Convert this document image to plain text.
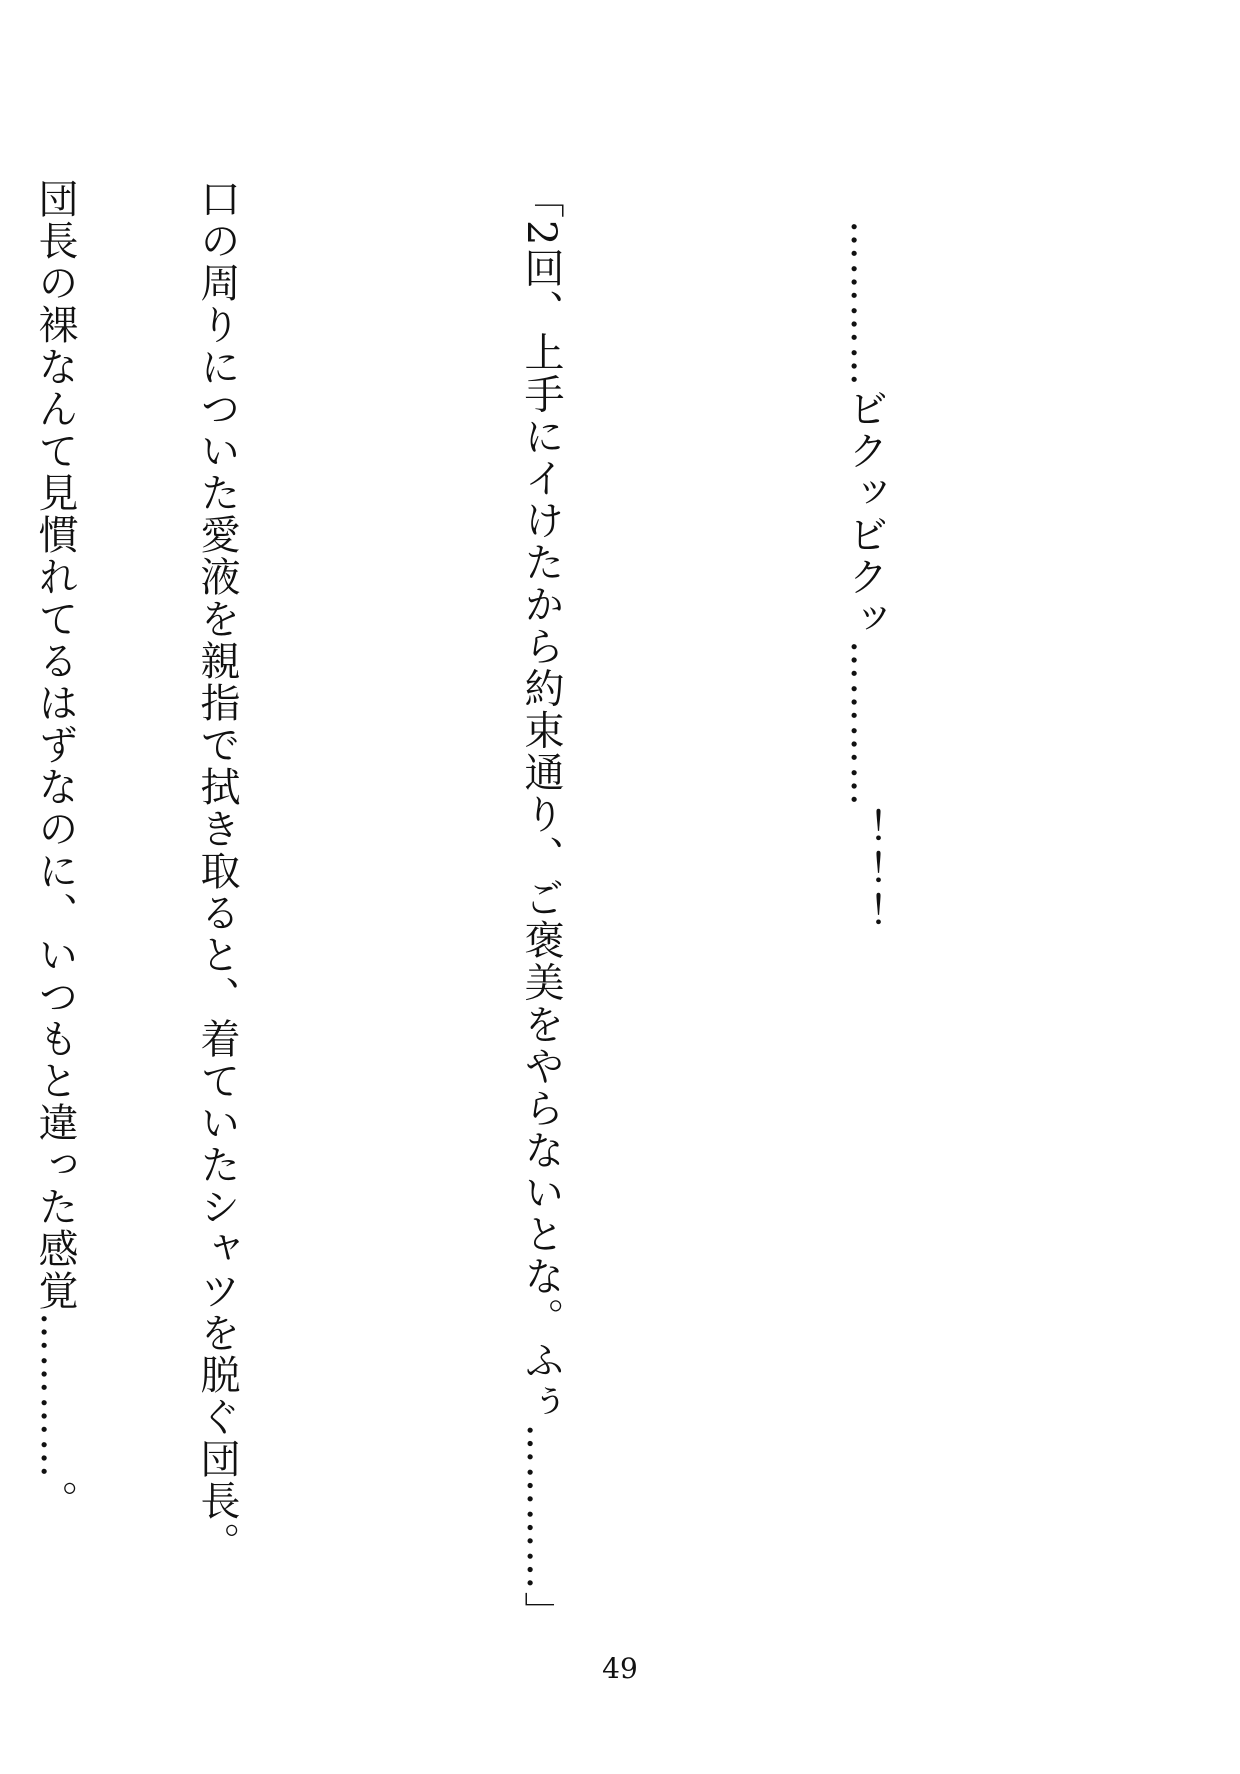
　…………ビクッビクッ…………！！！

「2回、上手にイけたから約束通り、ご褒美をやらないとな。ふぅ…………」

口の周りについた愛液を親指で拭き取ると、着ていたシャツを脱ぐ団長。

団長の裸なんて見慣れてるはずなのに、いつもと違った感覚…………。

49
